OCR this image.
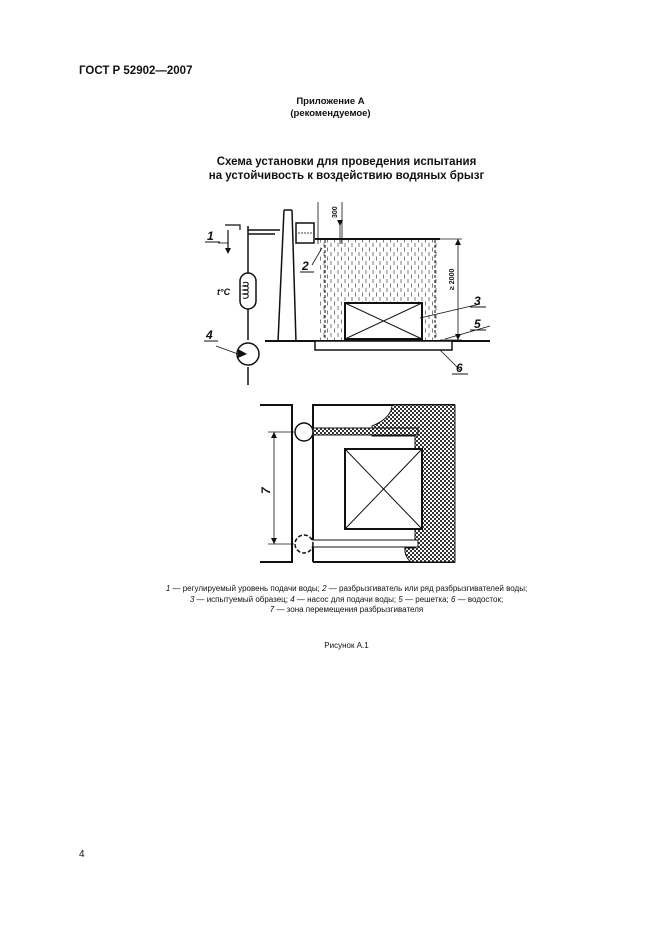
ГОСТ Р 52902—2007
Приложение А
(рекомендуемое)
Схема установки для проведения испытания
на устойчивость к воздействию водяных брызг
1
2
3
5
6
4
t°C
300
≥ 2000
7
1 — регулируемый уровень подачи воды; 2 — разбрызгиватель или ряд разбрызгивателей воды;
3 — испытуемый образец; 4 — насос для подачи воды; 5 — решетка; 6 — водосток;
7 — зона перемещения разбрызгивателя
Рисунок А.1
4
